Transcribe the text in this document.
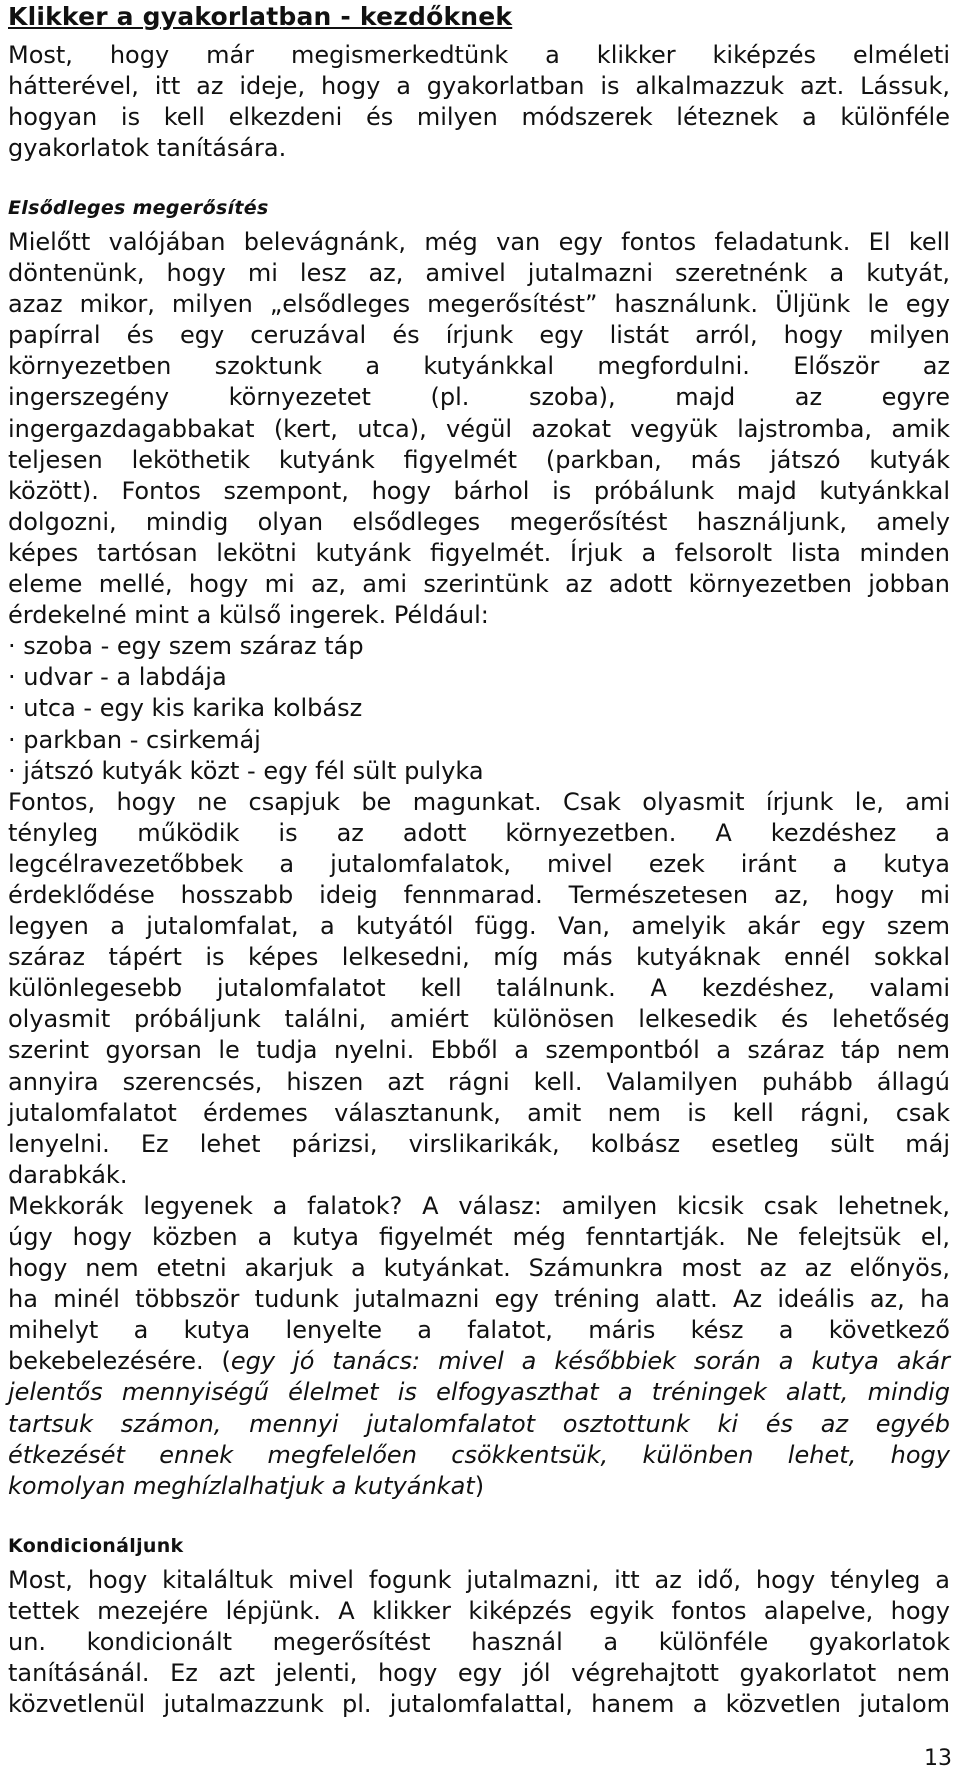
Klikker a gyakorlatban - kezdőknek
Most, hogy már megismerkedtünk a klikker kiképzés elméleti
hátterével, itt az ideje, hogy a gyakorlatban is alkalmazzuk azt. Lássuk,
hogyan is kell elkezdeni és milyen módszerek léteznek a különféle
gyakorlatok tanítására.
Elsődleges megerősítés
Mielőtt valójában belevágnánk, még van egy fontos feladatunk. El kell
döntenünk, hogy mi lesz az, amivel jutalmazni szeretnénk a kutyát,
azaz mikor, milyen „elsődleges megerősítést” használunk. Üljünk le egy
papírral és egy ceruzával és írjunk egy listát arról, hogy milyen
környezetben szoktunk a kutyánkkal megfordulni. Először az
ingerszegény környezetet (pl. szoba), majd az egyre
ingergazdagabbakat (kert, utca), végül azokat vegyük lajstromba, amik
teljesen leköthetik kutyánk figyelmét (parkban, más játszó kutyák
között). Fontos szempont, hogy bárhol is próbálunk majd kutyánkkal
dolgozni, mindig olyan elsődleges megerősítést használjunk, amely
képes tartósan lekötni kutyánk figyelmét. Írjuk a felsorolt lista minden
eleme mellé, hogy mi az, ami szerintünk az adott környezetben jobban
érdekelné mint a külső ingerek. Például:
· szoba - egy szem száraz táp
· udvar - a labdája
· utca - egy kis karika kolbász
· parkban - csirkemáj
· játszó kutyák közt - egy fél sült pulyka
Fontos, hogy ne csapjuk be magunkat. Csak olyasmit írjunk le, ami
tényleg működik is az adott környezetben. A kezdéshez a
legcélravezetőbbek a jutalomfalatok, mivel ezek iránt a kutya
érdeklődése hosszabb ideig fennmarad. Természetesen az, hogy mi
legyen a jutalomfalat, a kutyától függ. Van, amelyik akár egy szem
száraz tápért is képes lelkesedni, míg más kutyáknak ennél sokkal
különlegesebb jutalomfalatot kell találnunk. A kezdéshez, valami
olyasmit próbáljunk találni, amiért különösen lelkesedik és lehetőség
szerint gyorsan le tudja nyelni. Ebből a szempontból a száraz táp nem
annyira szerencsés, hiszen azt rágni kell. Valamilyen puhább állagú
jutalomfalatot érdemes választanunk, amit nem is kell rágni, csak
lenyelni. Ez lehet párizsi, virslikarikák, kolbász esetleg sült máj
darabkák.
Mekkorák legyenek a falatok? A válasz: amilyen kicsik csak lehetnek,
úgy hogy közben a kutya figyelmét még fenntartják. Ne felejtsük el,
hogy nem etetni akarjuk a kutyánkat. Számunkra most az az előnyös,
ha minél többször tudunk jutalmazni egy tréning alatt. Az ideális az, ha
mihelyt a kutya lenyelte a falatot, máris kész a következő
bekebelezésére. (egy jó tanács: mivel a későbbiek során a kutya akár
jelentős mennyiségű élelmet is elfogyaszthat a tréningek alatt, mindig
tartsuk számon, mennyi jutalomfalatot osztottunk ki és az egyéb
étkezését ennek megfelelően csökkentsük, különben lehet, hogy
komolyan meghízlalhatjuk a kutyánkat)
Kondicionáljunk
Most, hogy kitaláltuk mivel fogunk jutalmazni, itt az idő, hogy tényleg a
tettek mezejére lépjünk. A klikker kiképzés egyik fontos alapelve, hogy
un. kondicionált megerősítést használ a különféle gyakorlatok
tanításánál. Ez azt jelenti, hogy egy jól végrehajtott gyakorlatot nem
közvetlenül jutalmazzunk pl. jutalomfalattal, hanem a közvetlen jutalom
13
